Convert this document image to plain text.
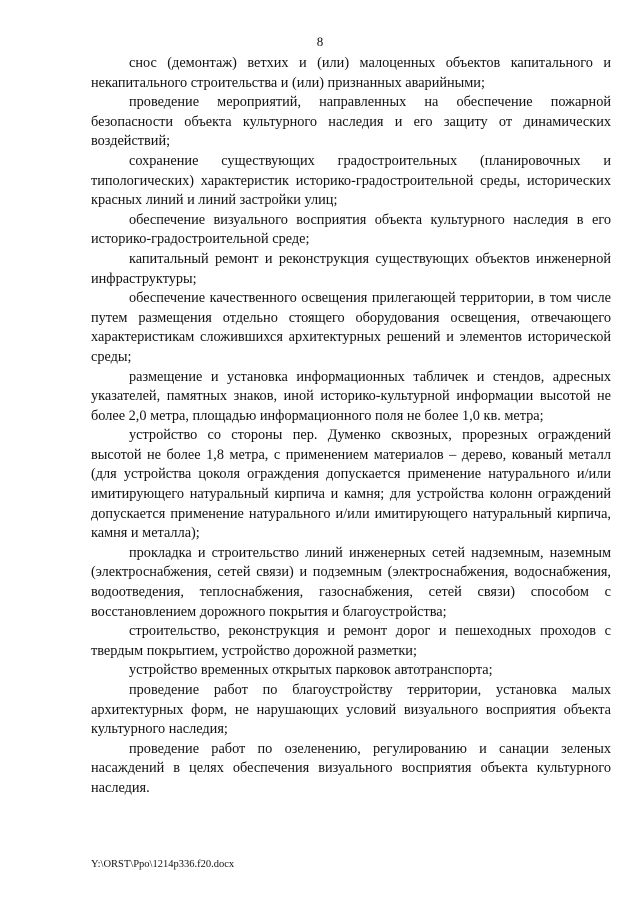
8

снос (демонтаж) ветхих и (или) малоценных объектов капитального и некапитального строительства и (или) признанных аварийными;

проведение мероприятий, направленных на обеспечение пожарной безопасности объекта культурного наследия и его защиту от динамических воздействий;

сохранение существующих градостроительных (планировочных и типологических) характеристик историко-градостроительной среды, исторических красных линий и линий застройки улиц;

обеспечение визуального восприятия объекта культурного наследия в его историко-градостроительной среде;

капитальный ремонт и реконструкция существующих объектов инженерной инфраструктуры;

обеспечение качественного освещения прилегающей территории, в том числе путем размещения отдельно стоящего оборудования освещения, отвечающего характеристикам сложившихся архитектурных решений и элементов исторической среды;

размещение и установка информационных табличек и стендов, адресных указателей, памятных знаков, иной историко-культурной информации высотой не более 2,0 метра, площадью информационного поля не более 1,0 кв. метра;

устройство со стороны пер. Думенко сквозных, прорезных ограждений высотой не более 1,8 метра, с применением материалов – дерево, кованый металл (для устройства цоколя ограждения допускается применение натурального и/или имитирующего натуральный кирпича и камня; для устройства колонн ограждений допускается применение натурального и/или имитирующего натуральный кирпича, камня и металла);

прокладка и строительство линий инженерных сетей надземным, наземным (электроснабжения, сетей связи) и подземным (электроснабжения, водоснабжения, водоотведения, теплоснабжения, газоснабжения, сетей связи) способом с восстановлением дорожного покрытия и благоустройства;

строительство, реконструкция и ремонт дорог и пешеходных проходов с твердым покрытием, устройство дорожной разметки;

устройство временных открытых парковок автотранспорта;

проведение работ по благоустройству территории, установка малых архитектурных форм, не нарушающих условий визуального восприятия объекта культурного наследия;

проведение работ по озеленению, регулированию и санации зеленых насаждений в целях обеспечения визуального восприятия объекта культурного наследия.

Y:\ORST\Ppo\1214p336.f20.docx
